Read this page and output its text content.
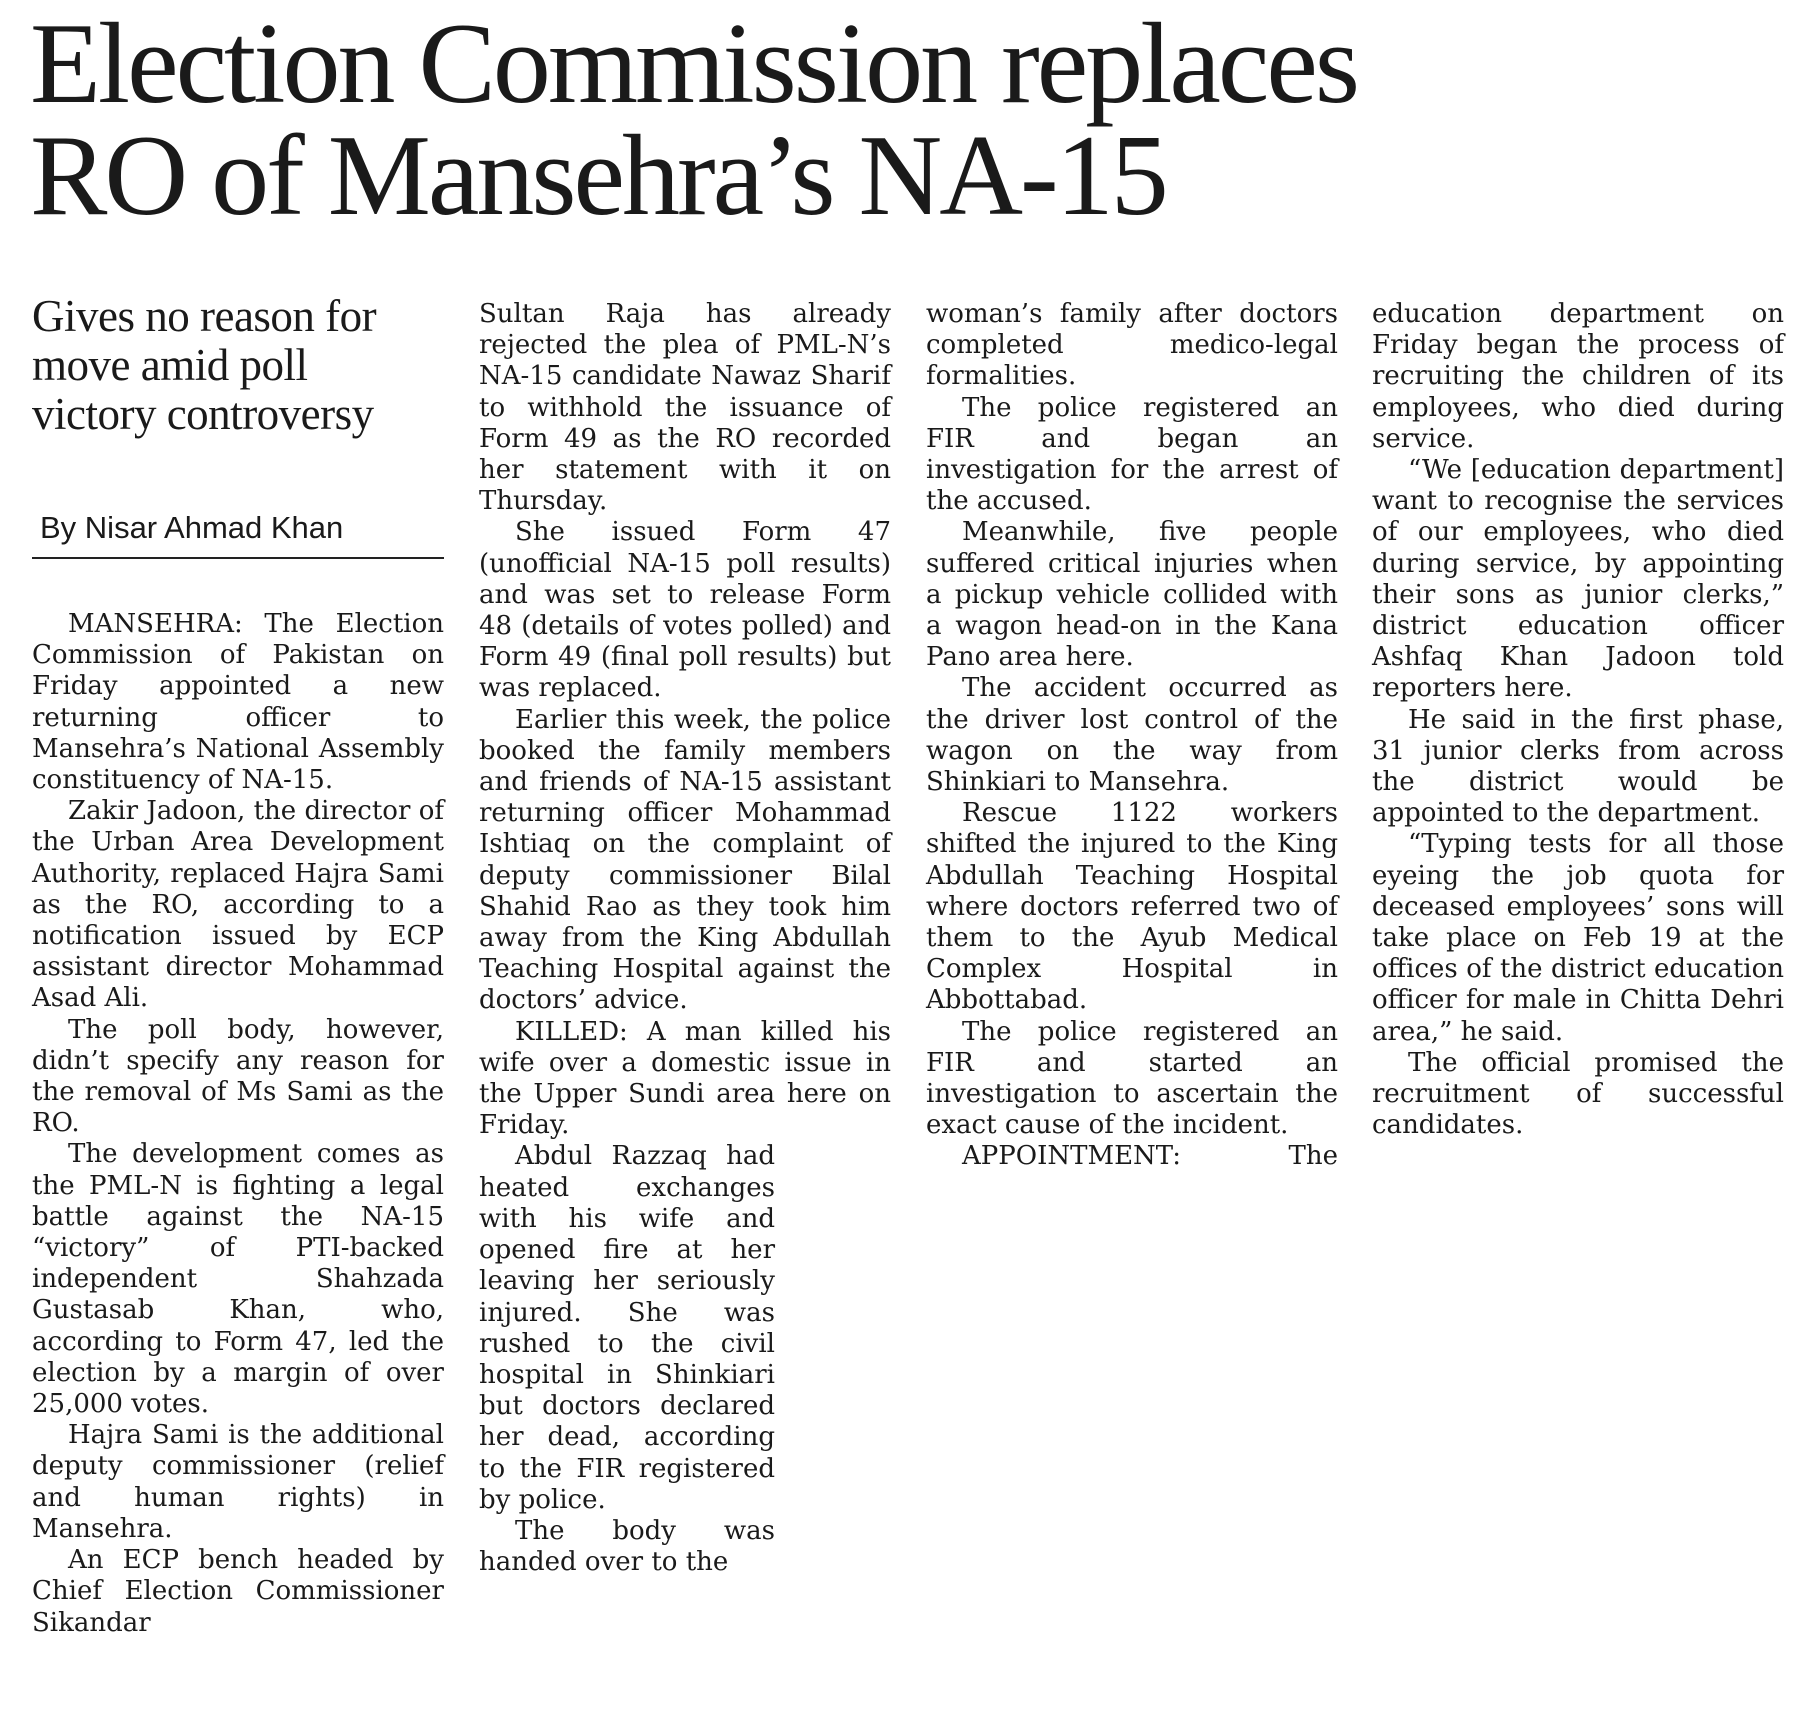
Election Commission replaces
RO of Mansehra’s NA-15
Gives no reason for
move amid poll
victory controversy
By Nisar Ahmad Khan

MANSEHRA: The Election Commission of Pakistan on Friday appointed a new returning officer to Mansehra’s National Assembly constituency of NA-15.

Zakir Jadoon, the director of the Urban Area Development Authority, replaced Hajra Sami as the RO, according to a notification issued by ECP assistant director Mohammad Asad Ali.

The poll body, however, didn’t specify any reason for the removal of Ms Sami as the RO.

The development comes as the PML-N is fighting a legal battle against the NA-15 “victory” of PTI-backed independent Shahzada Gustasab Khan, who, according to Form 47, led the election by a margin of over 25,000 votes.

Hajra Sami is the additional deputy commissioner (relief and human rights) in Mansehra.

An ECP bench headed by Chief Election Commissioner Sikandar

Sultan Raja has already rejected the plea of PML-N’s NA-15 candidate Nawaz Sharif to withhold the issuance of Form 49 as the RO recorded her statement with it on Thursday.

She issued Form 47 (unofficial NA-15 poll results) and was set to release Form 48 (details of votes polled) and Form 49 (final poll results) but was replaced.

Earlier this week, the police booked the family members and friends of NA-15 assistant returning officer Mohammad Ishtiaq on the complaint of deputy commissioner Bilal Shahid Rao as they took him away from the King Abdullah Teaching Hospital against the doctors’ advice.

KILLED: A man killed his wife over a domestic issue in the Upper Sundi area here on Friday.

Abdul Razzaq had heated exchanges with his wife and opened fire at her leaving her seriously injured. She was rushed to the civil hospital in Shinkiari but doctors declared her dead, according to the FIR registered by police.

The body was handed over to the

woman’s family after doctors completed medico-legal formalities.

The police registered an FIR and began an investigation for the arrest of the accused.

Meanwhile, five people suffered critical injuries when a pickup vehicle collided with a wagon head-on in the Kana Pano area here.

The accident occurred as the driver lost control of the wagon on the way from Shinkiari to Mansehra.

Rescue 1122 workers shifted the injured to the King Abdullah Teaching Hospital where doctors referred two of them to the Ayub Medical Complex Hospital in Abbottabad.

The police registered an FIR and started an investigation to ascertain the exact cause of the incident.

APPOINTMENT: The

education department on Friday began the process of recruiting the children of its employees, who died during service.

“We [education department] want to recognise the services of our employees, who died during service, by appointing their sons as junior clerks,” district education officer Ashfaq Khan Jadoon told reporters here.

He said in the first phase, 31 junior clerks from across the district would be appointed to the department.

“Typing tests for all those eyeing the job quota for deceased employees’ sons will take place on Feb 19 at the offices of the district education officer for male in Chitta Dehri area,” he said.

The official promised the recruitment of successful candidates.
